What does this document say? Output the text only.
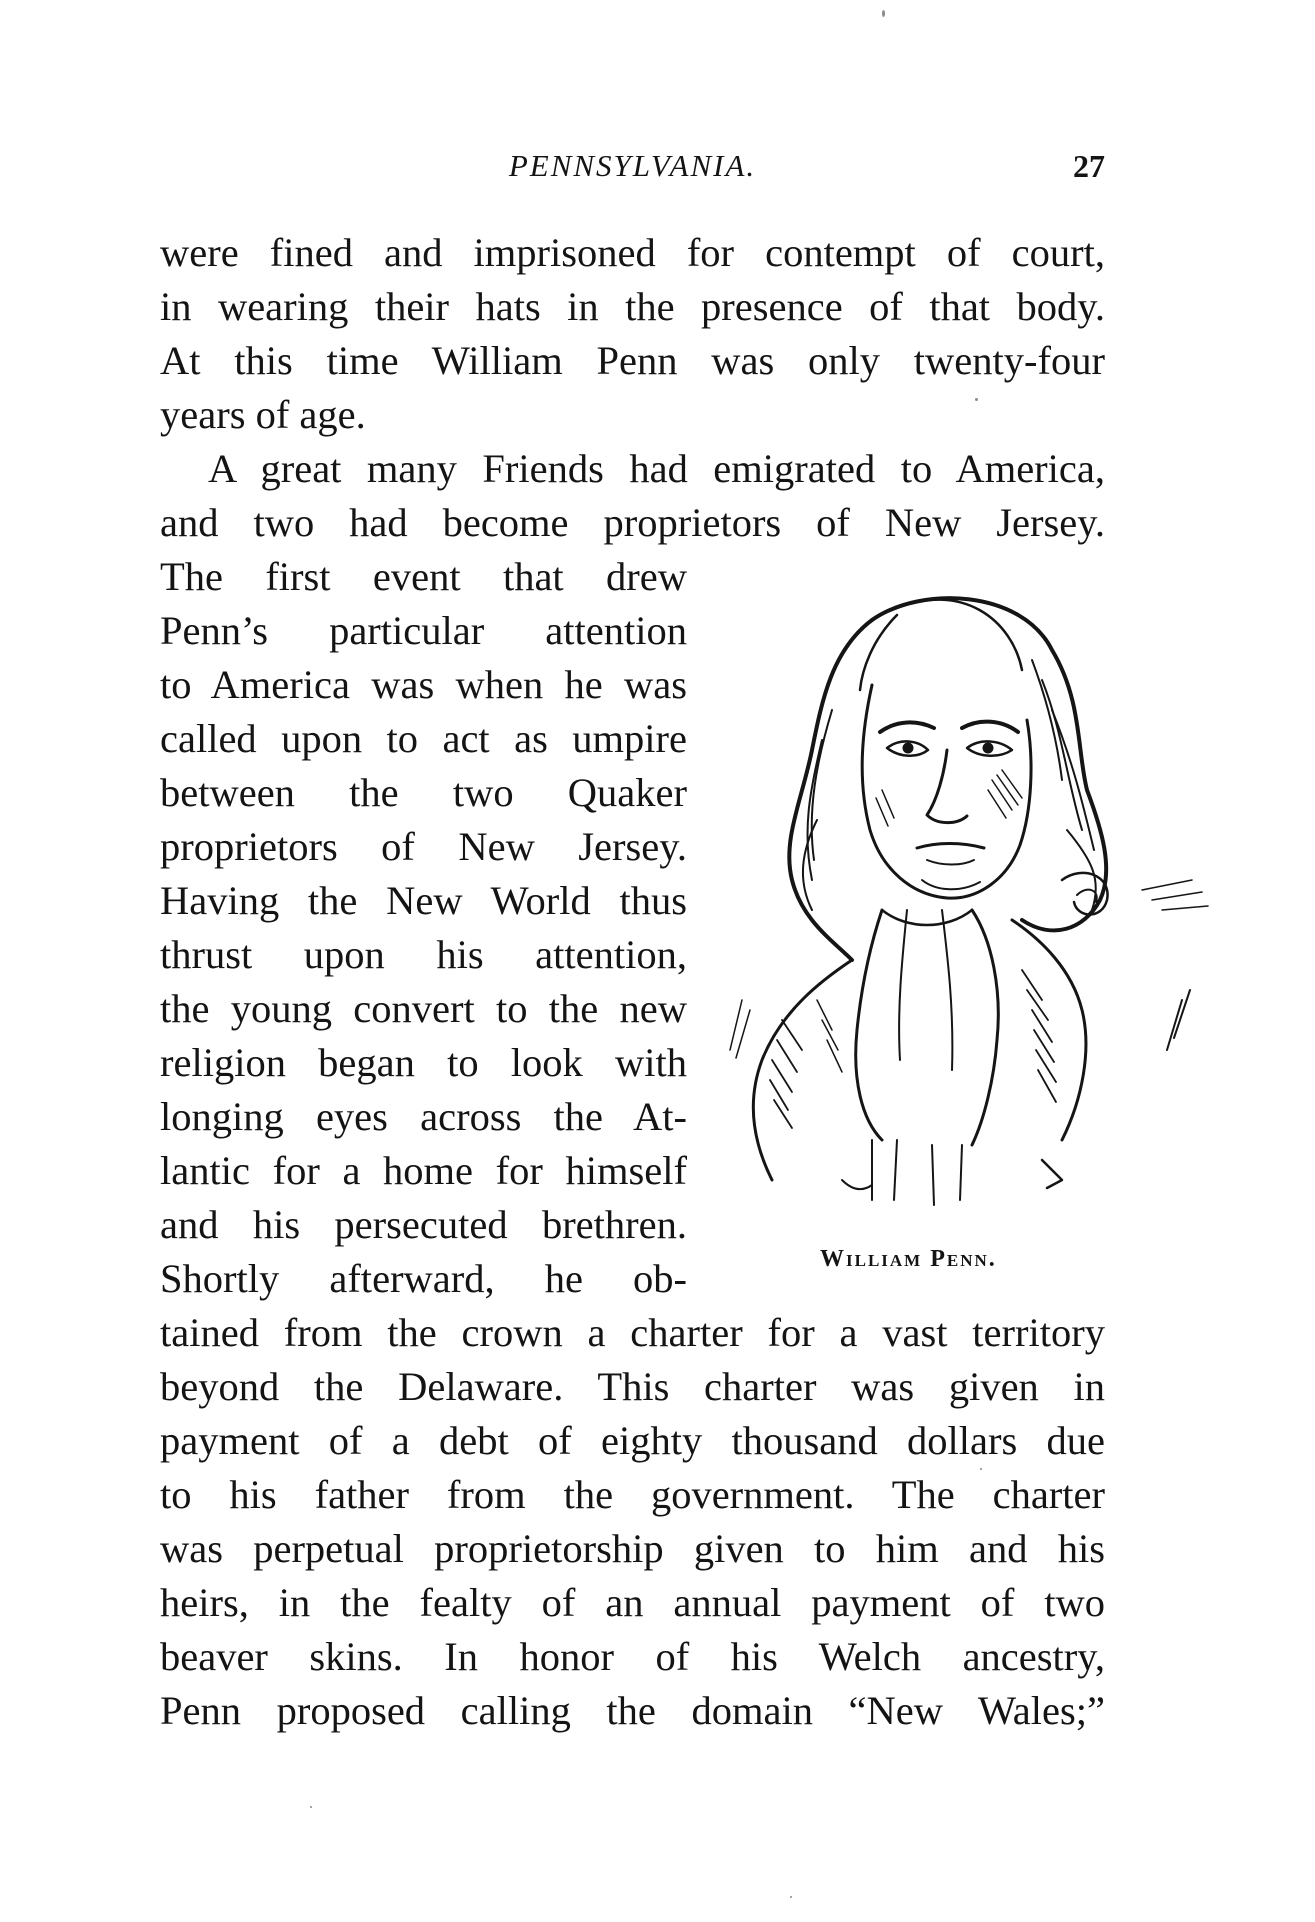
PENNSYLVANIA.	27
were fined and imprisoned for contempt of court,
in wearing their hats in the presence of that body.
At this time William Penn was only twenty-four
years of age.
A great many Friends had emigrated to America,
and two had become proprietors of New Jersey.
The first event that drew
Penn’s particular attention
to America was when he was
called upon to act as umpire
between the two Quaker
proprietors of New Jersey.
Having the New World thus
thrust upon his attention,
the young convert to the new
religion began to look with
longing eyes across the At-
lantic for a home for himself
and his persecuted brethren.
Shortly afterward, he ob-
tained from the crown a charter for a vast territory
beyond the Delaware. This charter was given in
payment of a debt of eighty thousand dollars due
to his father from the government. The charter
was perpetual proprietorship given to him and his
heirs, in the fealty of an annual payment of two
beaver skins. In honor of his Welch ancestry,
Penn proposed calling the domain “New Wales;”
William Penn.
